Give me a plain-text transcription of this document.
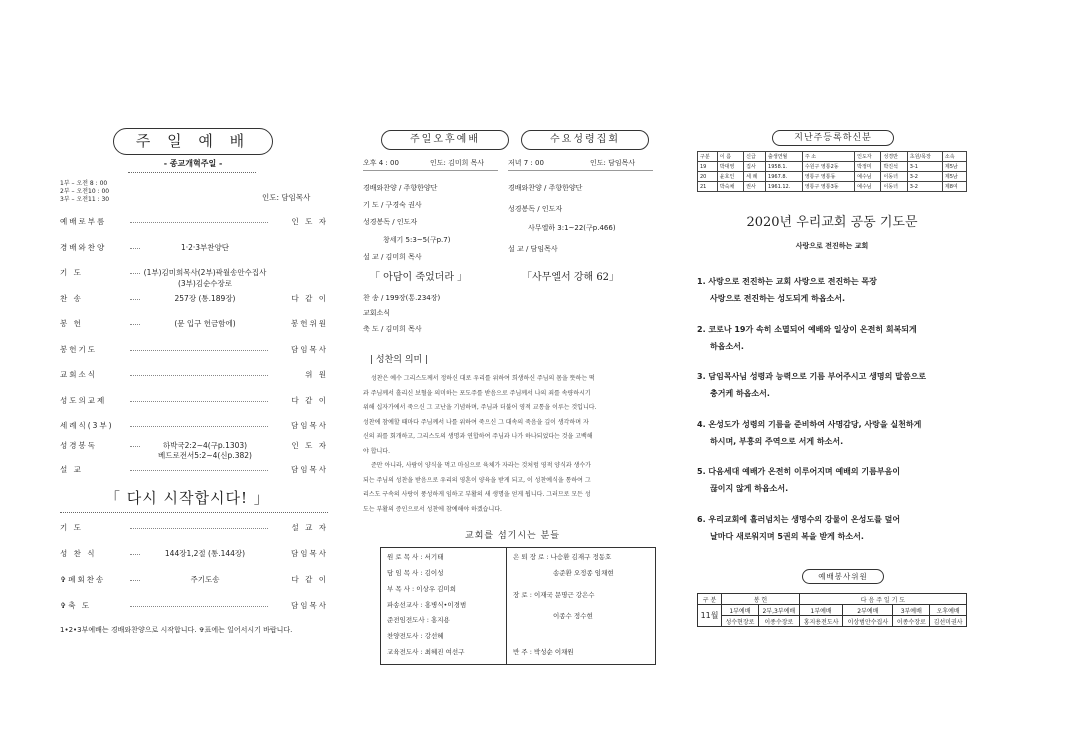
주 일 예 배
- 종교개혁주일 -
1부 – 오전 8 : 00
2부 – 오전10 : 00
3부 – 오전11 : 30	인도: 담임목사
예배로부름	인 도 자
경배와찬양	1·2·3부찬양단
기 도	(1부)김미희목사(2부)곽월송안수집사(3부)김순수장로
찬 송	257장 (통.189장)	다 같 이
봉 헌	(문 입구 헌금함에)	봉헌위원
봉헌기도	담임목사
교회소식	위 원
성도의교제	다 같 이
세례식(3부)	담임목사
성경봉독	하박국2:2~4(구p.1303)	인 도 자
베드로전서5:2~4(신p.382)
설 교	담임목사
「 다시 시작합시다! 」
기 도	설 교 자
성 찬 식	144장1,2절 (통.144장)	담임목사
✞폐회찬송	주기도송	다 같 이
✞축 도	담임목사
1•2•3부예배는 경배와찬양으로 시작합니다. ✞표에는 일어서시기 바랍니다.
주일오후예배	수요성령집회
오후 4 : 00	인도: 김미희 목사	저녁 7 : 00	인도: 담임목사
경배와찬양 / 주향한양단
기 도 / 구경숙 권사
성경봉독 / 인도자
창세기 5:3~5(구p.7)
설 교 / 김미희 목사
「 아담이 죽었더라 」
찬 송 / 199장(통.234장)
교회소식
축 도 / 김미희 목사
경배와찬양 / 주향한양단
성경봉독 / 인도자
사무엘하 3:1~22(구p.466)
설 교 / 담임목사
「사무엘서 강해 62」
| 성찬의 의미 |
성찬은 예수 그리스도께서 정하신 대로 우리를 위하여 희생하신 주님의 몸을 뜻하는 떡
과 주님께서 흘리신 보혈을 의미하는 포도주를 받음으로 주님께서 나의 죄를 속량하시기
위해 십자가에서 죽으신 그 고난을 기념하며, 주님과 더불어 영적 교통을 이루는 것입니다.
성찬에 참예할 때마다 주님께서 나를 위하여 죽으신 그 대속의 죽음을 깊이 생각하며 자
신의 죄를 회개하고, 그리스도의 생명과 연합하여 주님과 나가 하나되었다는 것을 고백해
야 합니다.
준만 아니라, 사람이 양식을 먹고 마심으로 육체가 자라는 것처럼 영적 양식과 생수가
되는 주님의 성찬을 받음으로 우리의 영혼이 양육을 받게 되고, 이 성찬예식을 통하여 그
리스도 구속의 사랑이 풍성하게 임하고 부활의 새 생명을 얻게 됩니다. 그러므로 모든 성
도는 부활의 증인으로서 성찬에 참예해야 하겠습니다.
교회를 섬기시는 분들
원 로 목 사 : 서기태
담 임 목 사 : 김이성
부 목 사 : 이상우 김미희
파송선교사 : 홍병식•이경범
준전임전도사 : 홍지용
찬양전도사 : 강선혜
교육전도사 : 최혜진 여선구
은 퇴 장 로 : 나승환 김재구 정동호
송준환 오정종 임채현
장 로 : 이재국 문명근 강은수
이종수 정수현
반 주 : 박성순 이채원
지난주등록하신분
구분	이 름	신급	출생연월	주 소	인도자	성경반	초원/목장	소속
19	박대영	집사	1958.1.	수원구 영통2동	박정미	박진석	3-1	제5남
20	윤호인	세 례	1967.8.	영통구 영통동	예수님	이동녀	3-2	제5남
21	박숙채	권사	1961.12.	영통구 영통3동	예수님	이동녀	3-2	제8여
2020년 우리교회 공동 기도문
사랑으로 전진하는 교회
1. 사랑으로 전진하는 교회 사랑으로 전진하는 목장
사랑으로 전진하는 성도되게 하옵소서.
2. 코로나 19가 속히 소멸되어 예배와 일상이 온전히 회복되게
하옵소서.
3. 담임목사님 성령과 능력으로 기름 부어주시고 생명의 말씀으로
충거케 하옵소서.
4. 온성도가 성령의 기름을 준비하여 사명감당, 사랑을 실천하게
하시며, 부흥의 주역으로 서게 하소서.
5. 다음세대 예배가 온전히 이루어지며 예배의 기름부음이
끊이지 않게 하옵소서.
6. 우리교회에 흘러넘치는 생명수의 강물이 온성도를 덮어
날마다 새로워지며 5권의 복을 받게 하소서.
예배봉사위원
구 분	봉 헌		다 음 주 일 기 도			
11월	1부예배	2부,3부예배	1부예배	2부예배	3부예배	오후예배
	성수현장로	이종수장로	홍지용전도사	이상범안수집사	이종수장로	김선미권사
